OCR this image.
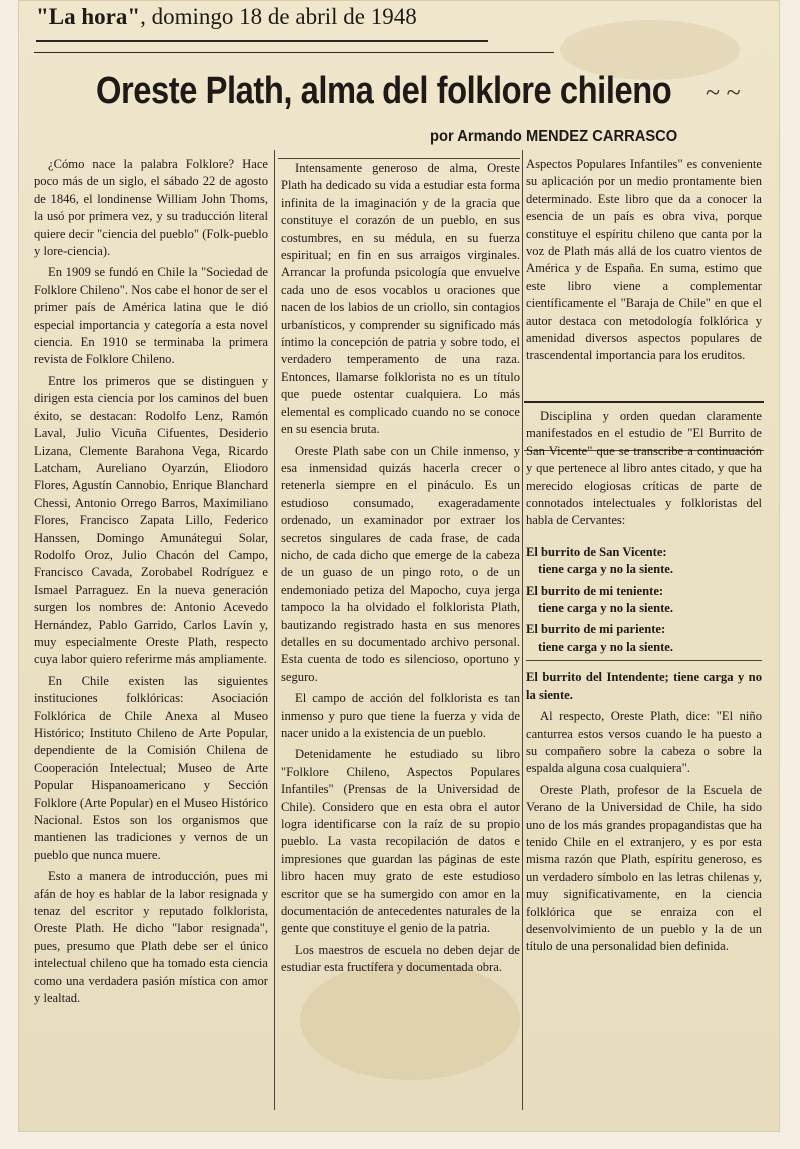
"La hora", domingo 18 de abril de 1948
Oreste Plath, alma del folklore chileno ~ ~
por Armando MENDEZ CARRASCO

¿Cómo nace la palabra Folklore? Hace poco más de un siglo, el sábado 22 de agosto de 1846, el londinense William John Thoms, la usó por primera vez, y su traducción literal quiere decir "ciencia del pueblo" (Folk-pueblo y lore-ciencia).

En 1909 se fundó en Chile la "Sociedad de Folklore Chileno". Nos cabe el honor de ser el primer país de América latina que le dió especial importancia y categoría a esta novel ciencia. En 1910 se terminaba la primera revista de Folklore Chileno.

Entre los primeros que se distinguen y dirigen esta ciencia por los caminos del buen éxito, se destacan: Rodolfo Lenz, Ramón Laval, Julio Vicuña Cifuentes, Desiderio Lizana, Clemente Barahona Vega, Ricardo Latcham, Aureliano Oyarzún, Eliodoro Flores, Agustín Cannobio, Enrique Blanchard Chessi, Antonio Orrego Barros, Maximiliano Flores, Francisco Zapata Lillo, Federico Hanssen, Domingo Amunátegui Solar, Rodolfo Oroz, Julio Chacón del Campo, Francisco Cavada, Zorobabel Rodríguez e Ismael Parraguez. En la nueva generación surgen los nombres de: Antonio Acevedo Hernández, Pablo Garrido, Carlos Lavín y, muy especialmente Oreste Plath, respecto cuya labor quiero referirme más ampliamente.

En Chile existen las siguientes instituciones folklóricas: Asociación Folklórica de Chile Anexa al Museo Histórico; Instituto Chileno de Arte Popular, dependiente de la Comisión Chilena de Cooperación Intelectual; Museo de Arte Popular Hispanoamericano y Sección Folklore (Arte Popular) en el Museo Histórico Nacional. Estos son los organismos que mantienen las tradiciones y vernos de un pueblo que nunca muere.

Esto a manera de introducción, pues mi afán de hoy es hablar de la labor resignada y tenaz del escritor y reputado folklorista, Oreste Plath. He dicho "labor resignada", pues, presumo que Plath debe ser el único intelectual chileno que ha tomado esta ciencia como una verdadera pasión mística con amor y lealtad.

Intensamente generoso de alma, Oreste Plath ha dedicado su vida a estudiar esta forma infinita de la imaginación y de la gracia que constituye el corazón de un pueblo, en sus costumbres, en su médula, en su fuerza espiritual; en fin en sus arraigos virginales. Arrancar la profunda psicología que envuelve cada uno de esos vocablos u oraciones que nacen de los labios de un criollo, sin contagios urbanísticos, y comprender su significado más íntimo la concepción de patria y sobre todo, el verdadero temperamento de una raza. Entonces, llamarse folklorista no es un título que puede ostentar cualquiera. Lo más elemental es complicado cuando no se conoce en su esencia bruta.

Oreste Plath sabe con un Chile inmenso, y esa inmensidad quizás hacerla crecer o retenerla siempre en el pináculo. Es un estudioso consumado, exageradamente ordenado, un examinador por extraer los secretos singulares de cada frase, de cada nicho, de cada dicho que emerge de la cabeza de un guaso de un pingo roto, o de un endemoniado petiza del Mapocho, cuya jerga tampoco la ha olvidado el folklorista Plath, bautizando registrado hasta en sus menores detalles en su documentado archivo personal. Esta cuenta de todo es silencioso, oportuno y seguro.

El campo de acción del folklorista es tan inmenso y puro que tiene la fuerza y vida de nacer unido a la existencia de un pueblo.

Detenidamente he estudiado su libro "Folklore Chileno, Aspectos Populares Infantiles" (Prensas de la Universidad de Chile). Considero que en esta obra el autor logra identificarse con la raíz de su propio pueblo. La vasta recopilación de datos e impresiones que guardan las páginas de este libro hacen muy grato de este estudioso escritor que se ha sumergido con amor en la documentación de antecedentes naturales de la gente que constituye el genio de la patria.

Los maestros de escuela no deben dejar de estudiar esta fructífera y documentada obra.

Aspectos Populares Infantiles" es conveniente su aplicación por un medio prontamente bien determinado. Este libro que da a conocer la esencia de un país es obra viva, porque constituye el espíritu chileno que canta por la voz de Plath más allá de los cuatro vientos de América y de España. En suma, estimo que este libro viene a complementar científicamente el "Baraja de Chile" en que el autor destaca con metodología folklórica y amenidad diversos aspectos populares de trascendental importancia para los eruditos.

Disciplina y orden quedan claramente manifestados en el estudio de "El Burrito de San Vicente" que se transcribe a continuación y que pertenece al libro antes citado, y que ha merecido elogiosas críticas de parte de connotados intelectuales y folkloristas del habla de Cervantes:

El burrito de San Vicente:
tiene carga y no la siente.

El burrito de mi teniente:
tiene carga y no la siente.

El burrito de mi pariente:
tiene carga y no la siente.

El burrito del Intendente; tiene carga y no la siente.

Al respecto, Oreste Plath, dice: "El niño canturrea estos versos cuando le ha puesto a su compañero sobre la cabeza o sobre la espalda alguna cosa cualquiera".

Oreste Plath, profesor de la Escuela de Verano de la Universidad de Chile, ha sido uno de los más grandes propagandistas que ha tenido Chile en el extranjero, y es por esta misma razón que Plath, espíritu generoso, es un verdadero símbolo en las letras chilenas y, muy significativamente, en la ciencia folklórica que se enraiza con el desenvolvimiento de un pueblo y la de un título de una personalidad bien definida.
